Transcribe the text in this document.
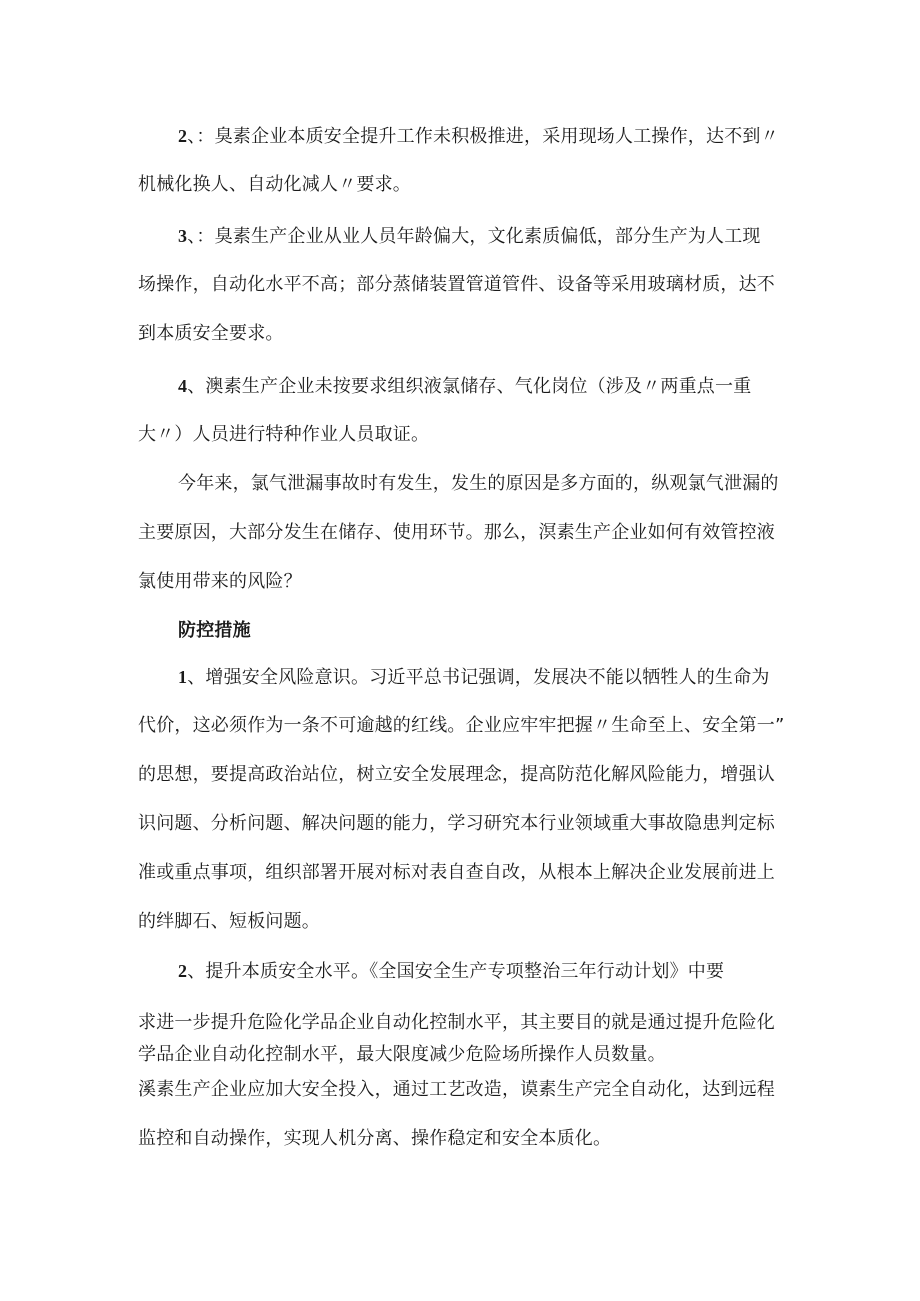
2、：臭素企业本质安全提升工作未积极推进，采用现场人工操作，达不到〃
机械化换人、自动化减人〃要求。
3、：臭素生产企业从业人员年龄偏大，文化素质偏低，部分生产为人工现
场操作，自动化水平不高；部分蒸储装置管道管件、设备等采用玻璃材质，达不
到本质安全要求。
4、澳素生产企业未按要求组织液氯储存、气化岗位（涉及〃两重点一重
大〃）人员进行特种作业人员取证。
今年来，氯气泄漏事故时有发生，发生的原因是多方面的，纵观氯气泄漏的
主要原因，大部分发生在储存、使用环节。那么，溟素生产企业如何有效管控液
氯使用带来的风险？
防控措施
1、增强安全风险意识。习近平总书记强调，发展决不能以牺牲人的生命为
代价，这必须作为一条不可逾越的红线。企业应牢牢把握〃生命至上、安全第一”
的思想，要提高政治站位，树立安全发展理念，提高防范化解风险能力，增强认
识问题、分析问题、解决问题的能力，学习研究本行业领域重大事故隐患判定标
准或重点事项，组织部署开展对标对表自查自改，从根本上解决企业发展前进上
的绊脚石、短板问题。
2、提升本质安全水平。《全国安全生产专项整治三年行动计划》中要
求进一步提升危险化学品企业自动化控制水平，其主要目的就是通过提升危险化
学品企业自动化控制水平，最大限度减少危险场所操作人员数量。
溪素生产企业应加大安全投入，通过工艺改造，谟素生产完全自动化，达到远程
监控和自动操作，实现人机分离、操作稳定和安全本质化。
